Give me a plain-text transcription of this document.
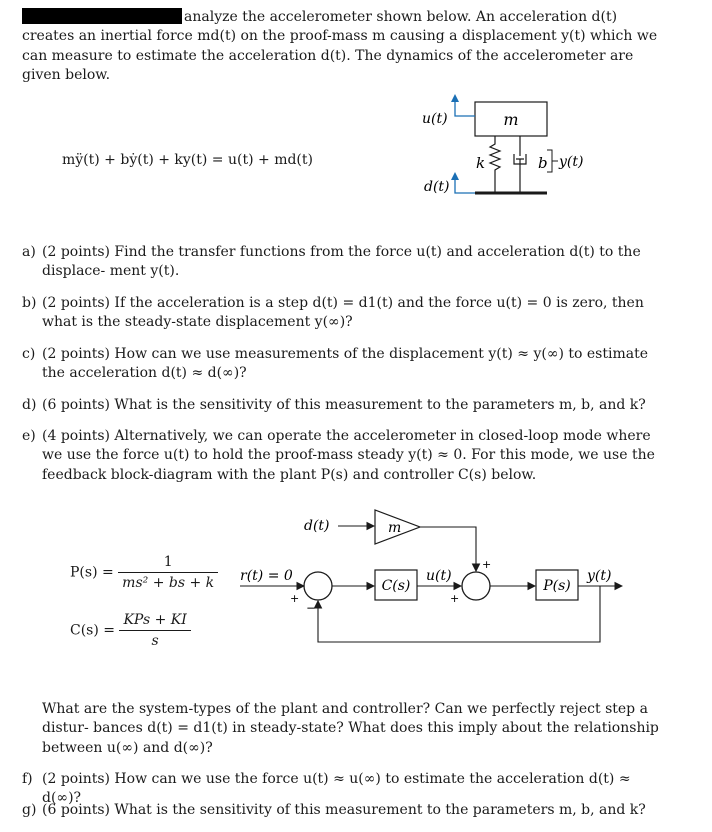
analyze the accelerometer shown below. An acceleration d(t) creates an inertial force md(t) on the proof-mass m causing a displacement y(t) which we can measure to estimate the acceleration d(t). The dynamics of the accelerometer are given below.
mÿ(t) + bẏ(t) + ky(t) = u(t) + md(t)
m
u(t)
k	b y(t)
d(t)
a) (2 points) Find the transfer functions from the force u(t) and acceleration d(t) to the displace- ment y(t).
b) (2 points) If the acceleration is a step d(t) = d1(t) and the force u(t) = 0 is zero, then what is the steady-state displacement y(∞)?
c) (2 points) How can we use measurements of the displacement y(t) ≈ y(∞) to estimate the acceleration d(t) ≈ d(∞)?
d) (6 points) What is the sensitivity of this measurement to the parameters m, b, and k?
e) (4 points) Alternatively, we can operate the accelerometer in closed-loop mode where we use the force u(t) to hold the proof-mass steady y(t) ≈ 0. For this mode, we use the feedback block-diagram with the plant P(s) and controller C(s) below.
$P(s) = \frac{1}{\text{ms² + bs + k}}$
$C(s) = \frac{\text{KPs + KI}}{s}$
r(t) = 0
+
−
C(s)
u(t)
d(t)	m
+
+
P(s)
y(t)
What are the system-types of the plant and controller? Can we perfectly reject step a distur- bances d(t) = d1(t) in steady-state? What does this imply about the relationship between u(∞) and d(∞)?
f) (2 points) How can we use the force u(t) ≈ u(∞) to estimate the acceleration d(t) ≈ d(∞)?
g) (6 points) What is the sensitivity of this measurement to the parameters m, b, and k?
